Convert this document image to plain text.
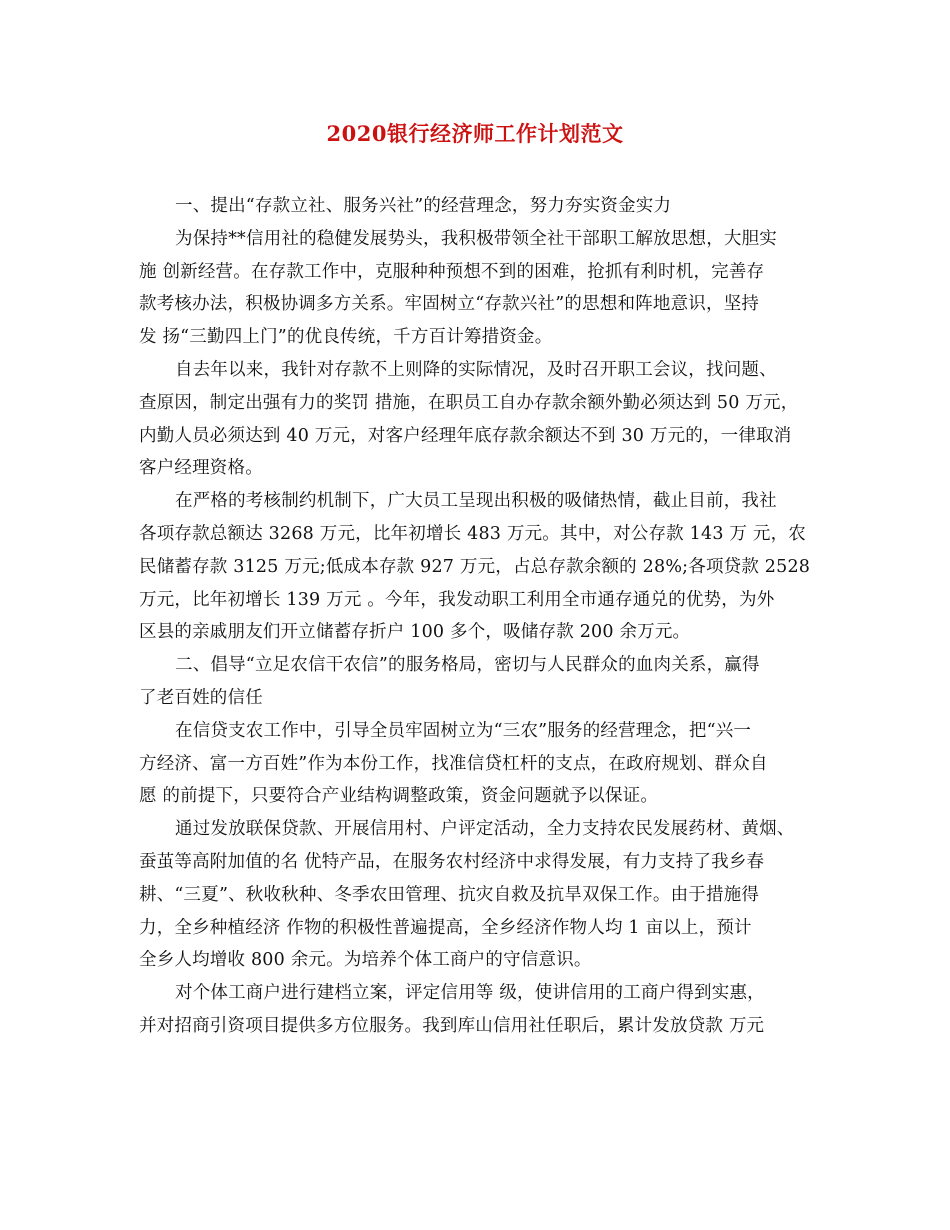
2020银行经济师工作计划范文
一、提出“存款立社、服务兴社”的经营理念，努力夯实资金实力
为保持**信用社的稳健发展势头，我积极带领全社干部职工解放思想，大胆实
施 创新经营。在存款工作中，克服种种预想不到的困难，抢抓有利时机，完善存
款考核办法，积极协调多方关系。牢固树立“存款兴社”的思想和阵地意识，坚持
发 扬“三勤四上门”的优良传统，千方百计筹措资金。
自去年以来，我针对存款不上则降的实际情况，及时召开职工会议，找问题、
查原因，制定出强有力的奖罚 措施，在职员工自办存款余额外勤必须达到 50 万元，
内勤人员必须达到 40 万元，对客户经理年底存款余额达不到 30 万元的，一律取消
客户经理资格。
在严格的考核制约机制下，广大员工呈现出积极的吸储热情，截止目前，我社
各项存款总额达 3268 万元，比年初增长 483 万元。其中，对公存款 143 万 元，农
民储蓄存款 3125 万元;低成本存款 927 万元，占总存款余额的 28%;各项贷款 2528
万元，比年初增长 139 万元 。今年，我发动职工利用全市通存通兑的优势，为外
区县的亲戚朋友们开立储蓄存折户 100 多个，吸储存款 200 余万元。
二、倡导“立足农信干农信”的服务格局，密切与人民群众的血肉关系，赢得
了老百姓的信任
在信贷支农工作中，引导全员牢固树立为“三农”服务的经营理念，把“兴一
方经济、富一方百姓”作为本份工作，找准信贷杠杆的支点，在政府规划、群众自
愿 的前提下，只要符合产业结构调整政策，资金问题就予以保证。
通过发放联保贷款、开展信用村、户评定活动，全力支持农民发展药材、黄烟、
蚕茧等高附加值的名 优特产品，在服务农村经济中求得发展，有力支持了我乡春
耕、“三夏”、秋收秋种、冬季农田管理、抗灾自救及抗旱双保工作。由于措施得
力，全乡种植经济 作物的积极性普遍提高，全乡经济作物人均 1 亩以上，预计
全乡人均增收 800 余元。为培养个体工商户的守信意识。
对个体工商户进行建档立案，评定信用等 级，使讲信用的工商户得到实惠，
并对招商引资项目提供多方位服务。我到库山信用社任职后，累计发放贷款 万元
